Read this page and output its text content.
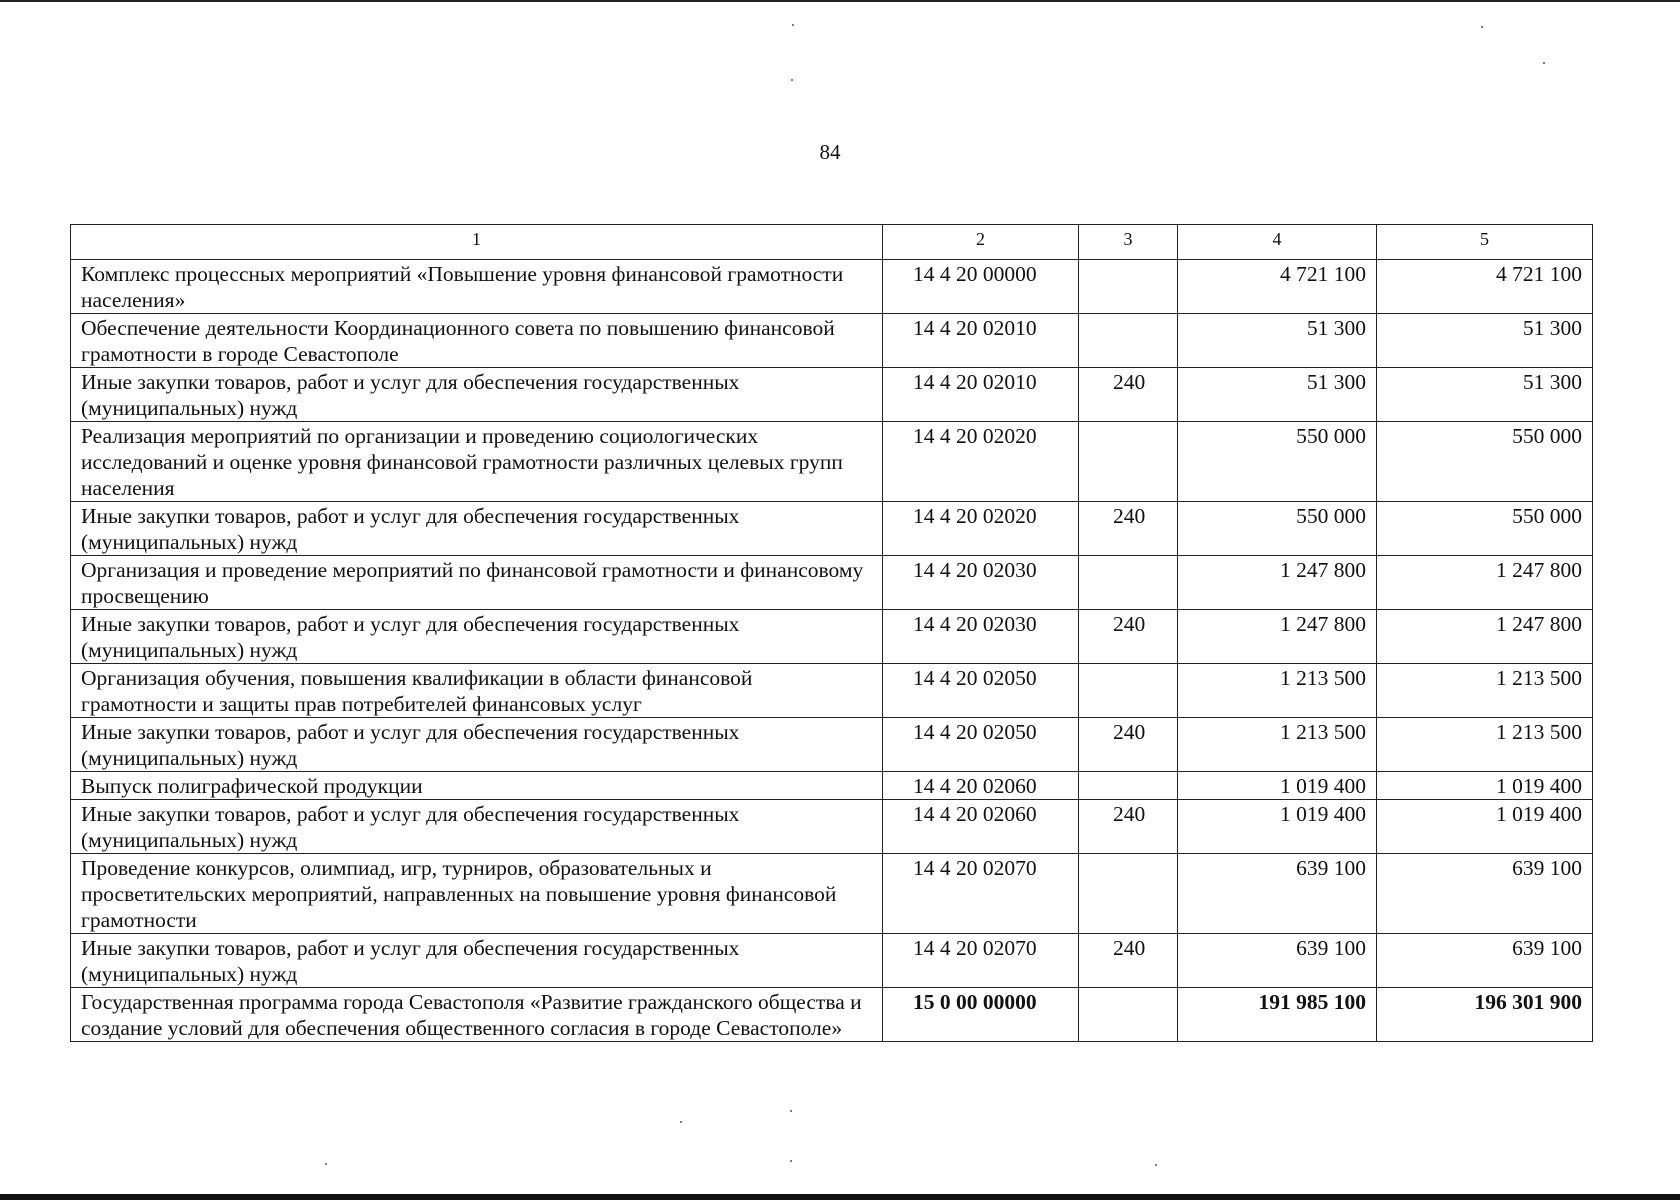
84
1	2	3	4	5
Комплекс процессных мероприятий «Повышение уровня финансовой грамотности населения»	14 4 20 00000		4 721 100	4 721 100
Обеспечение деятельности Координационного совета по повышению финансовой грамотности в городе Севастополе	14 4 20 02010		51 300	51 300
Иные закупки товаров, работ и услуг для обеспечения государственных (муниципальных) нужд	14 4 20 02010	240	51 300	51 300
Реализация мероприятий по организации и проведению социологических исследований и оценке уровня финансовой грамотности различных целевых групп населения	14 4 20 02020		550 000	550 000
Иные закупки товаров, работ и услуг для обеспечения государственных (муниципальных) нужд	14 4 20 02020	240	550 000	550 000
Организация и проведение мероприятий по финансовой грамотности и финансовому просвещению	14 4 20 02030		1 247 800	1 247 800
Иные закупки товаров, работ и услуг для обеспечения государственных (муниципальных) нужд	14 4 20 02030	240	1 247 800	1 247 800
Организация обучения, повышения квалификации в области финансовой грамотности и защиты прав потребителей финансовых услуг	14 4 20 02050		1 213 500	1 213 500
Иные закупки товаров, работ и услуг для обеспечения государственных (муниципальных) нужд	14 4 20 02050	240	1 213 500	1 213 500
Выпуск полиграфической продукции	14 4 20 02060		1 019 400	1 019 400
Иные закупки товаров, работ и услуг для обеспечения государственных (муниципальных) нужд	14 4 20 02060	240	1 019 400	1 019 400
Проведение конкурсов, олимпиад, игр, турниров, образовательных и просветительских мероприятий, направленных на повышение уровня финансовой грамотности	14 4 20 02070		639 100	639 100
Иные закупки товаров, работ и услуг для обеспечения государственных (муниципальных) нужд	14 4 20 02070	240	639 100	639 100
Государственная программа города Севастополя «Развитие гражданского общества и создание условий для обеспечения общественного согласия в городе Севастополе»	15 0 00 00000		191 985 100	196 301 900
